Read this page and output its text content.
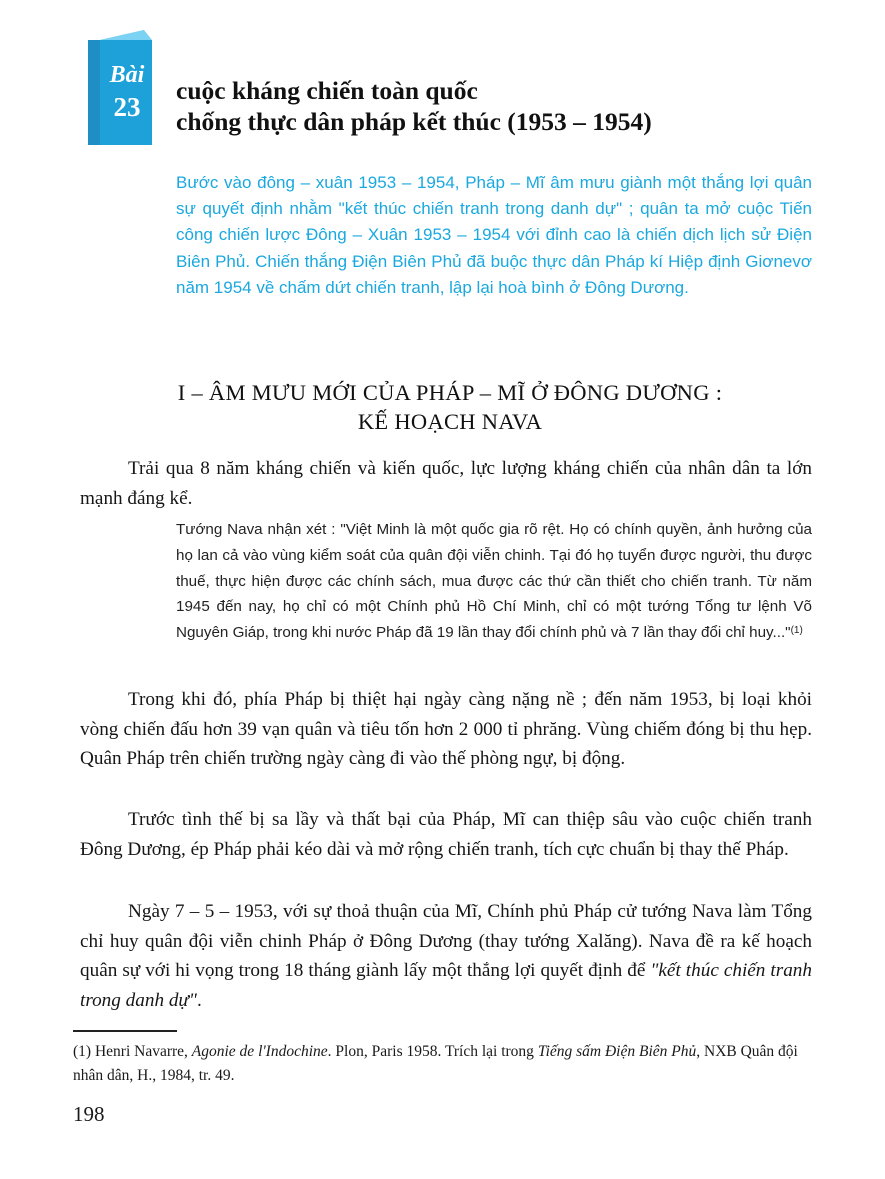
Bài
23
cuộc kháng chiến toàn quốc
chống thực dân pháp kết thúc (1953 – 1954)
Bước vào đông – xuân 1953 – 1954, Pháp – Mĩ âm mưu giành một thắng lợi quân sự quyết định nhằm "kết thúc chiến tranh trong danh dự" ; quân ta mở cuộc Tiến công chiến lược Đông – Xuân 1953 – 1954 với đỉnh cao là chiến dịch lịch sử Điện Biên Phủ. Chiến thắng Điện Biên Phủ đã buộc thực dân Pháp kí Hiệp định Giơnevơ năm 1954 về chấm dứt chiến tranh, lập lại hoà bình ở Đông Dương.
I – ÂM MƯU MỚI CỦA PHÁP – MĨ Ở ĐÔNG DƯƠNG :
KẾ HOẠCH NAVA
Trải qua 8 năm kháng chiến và kiến quốc, lực lượng kháng chiến của nhân dân ta lớn mạnh đáng kể.
Tướng Nava nhận xét : "Việt Minh là một quốc gia rõ rệt. Họ có chính quyền, ảnh hưởng của họ lan cả vào vùng kiểm soát của quân đội viễn chinh. Tại đó họ tuyển được người, thu được thuế, thực hiện được các chính sách, mua được các thứ cần thiết cho chiến tranh. Từ năm 1945 đến nay, họ chỉ có một Chính phủ Hồ Chí Minh, chỉ có một tướng Tổng tư lệnh Võ Nguyên Giáp, trong khi nước Pháp đã 19 lần thay đổi chính phủ và 7 lần thay đổi chỉ huy..."$^{(1)}$
Trong khi đó, phía Pháp bị thiệt hại ngày càng nặng nề ; đến năm 1953, bị loại khỏi vòng chiến đấu hơn 39 vạn quân và tiêu tốn hơn 2 000 tỉ phrăng. Vùng chiếm đóng bị thu hẹp. Quân Pháp trên chiến trường ngày càng đi vào thế phòng ngự, bị động.
Trước tình thế bị sa lầy và thất bại của Pháp, Mĩ can thiệp sâu vào cuộc chiến tranh Đông Dương, ép Pháp phải kéo dài và mở rộng chiến tranh, tích cực chuẩn bị thay thế Pháp.
Ngày 7 – 5 – 1953, với sự thoả thuận của Mĩ, Chính phủ Pháp cử tướng Nava làm Tổng chỉ huy quân đội viễn chinh Pháp ở Đông Dương (thay tướng Xalăng). Nava đề ra kế hoạch quân sự với hi vọng trong 18 tháng giành lấy một thắng lợi quyết định để "kết thúc chiến tranh trong danh dự".
(1) Henri Navarre, Agonie de l'Indochine. Plon, Paris 1958. Trích lại trong Tiếng sấm Điện Biên Phủ, NXB Quân đội nhân dân, H., 1984, tr. 49.
198
